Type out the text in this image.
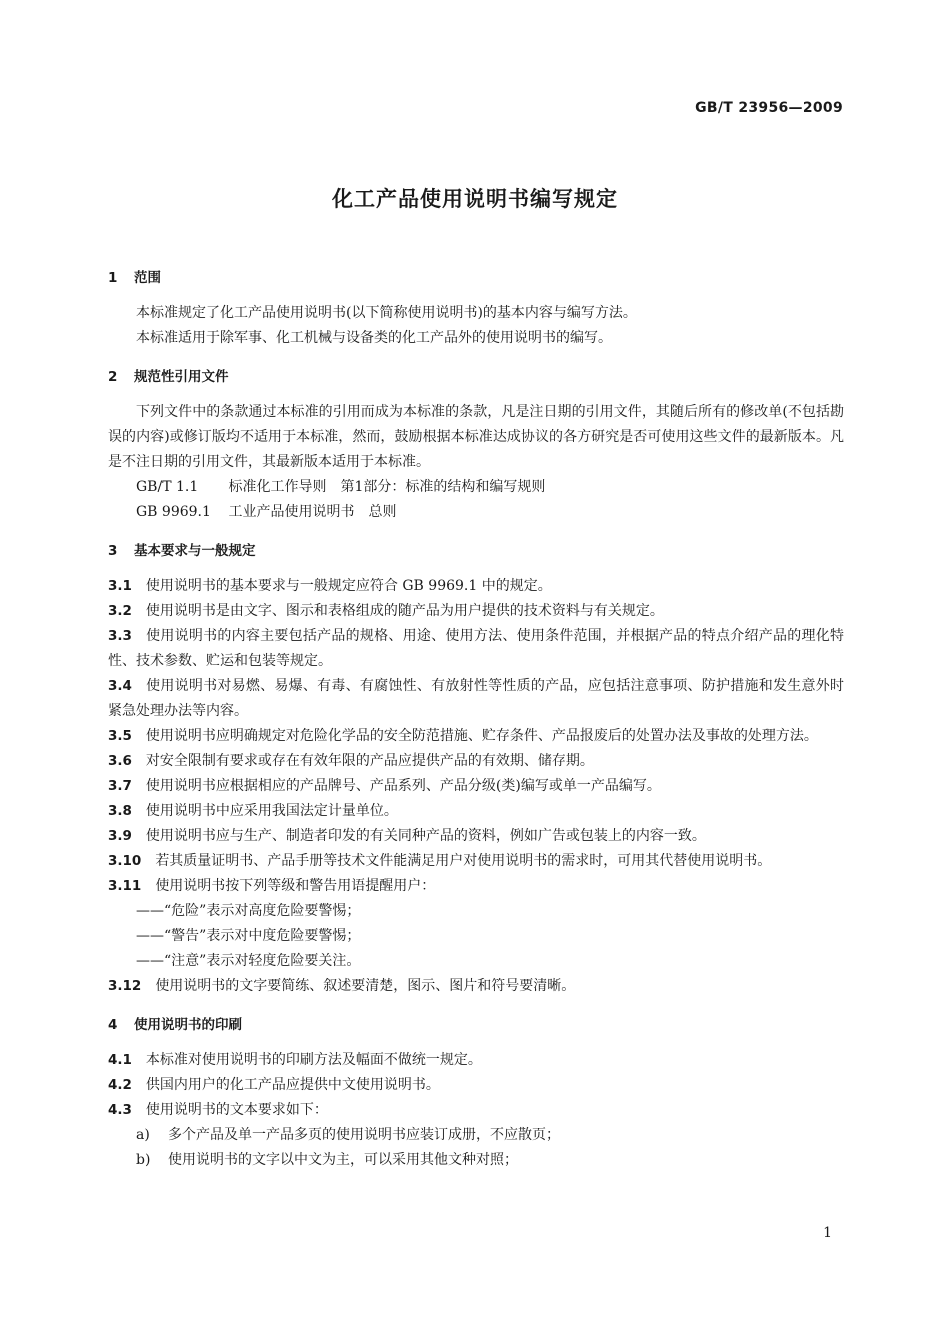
GB/T 23956—2009
化工产品使用说明书编写规定
1 范围

本标准规定了化工产品使用说明书(以下简称使用说明书)的基本内容与编写方法。

本标准适用于除军事、化工机械与设备类的化工产品外的使用说明书的编写。

2 规范性引用文件

下列文件中的条款通过本标准的引用而成为本标准的条款，凡是注日期的引用文件，其随后所有的修改单(不包括勘误的内容)或修订版均不适用于本标准，然而，鼓励根据本标准达成协议的各方研究是否可使用这些文件的最新版本。凡是不注日期的引用文件，其最新版本适用于本标准。

GB/T 1.1 标准化工作导则　第1部分：标准的结构和编写规则

GB 9969.1 工业产品使用说明书　总则

3 基本要求与一般规定

3.1 使用说明书的基本要求与一般规定应符合 GB 9969.1 中的规定。

3.2 使用说明书是由文字、图示和表格组成的随产品为用户提供的技术资料与有关规定。

3.3 使用说明书的内容主要包括产品的规格、用途、使用方法、使用条件范围，并根据产品的特点介绍产品的理化特性、技术参数、贮运和包装等规定。

3.4 使用说明书对易燃、易爆、有毒、有腐蚀性、有放射性等性质的产品，应包括注意事项、防护措施和发生意外时紧急处理办法等内容。

3.5 使用说明书应明确规定对危险化学品的安全防范措施、贮存条件、产品报废后的处置办法及事故的处理方法。

3.6 对安全限制有要求或存在有效年限的产品应提供产品的有效期、储存期。

3.7 使用说明书应根据相应的产品牌号、产品系列、产品分级(类)编写或单一产品编写。

3.8 使用说明书中应采用我国法定计量单位。

3.9 使用说明书应与生产、制造者印发的有关同种产品的资料，例如广告或包装上的内容一致。

3.10 若其质量证明书、产品手册等技术文件能满足用户对使用说明书的需求时，可用其代替使用说明书。

3.11 使用说明书按下列等级和警告用语提醒用户：

——“危险”表示对高度危险要警惕；

——“警告”表示对中度危险要警惕；

——“注意”表示对轻度危险要关注。

3.12 使用说明书的文字要简练、叙述要清楚，图示、图片和符号要清晰。

4 使用说明书的印刷

4.1 本标准对使用说明书的印刷方法及幅面不做统一规定。

4.2 供国内用户的化工产品应提供中文使用说明书。

4.3 使用说明书的文本要求如下：

a) 多个产品及单一产品多页的使用说明书应装订成册，不应散页；

b) 使用说明书的文字以中文为主，可以采用其他文种对照；

1
